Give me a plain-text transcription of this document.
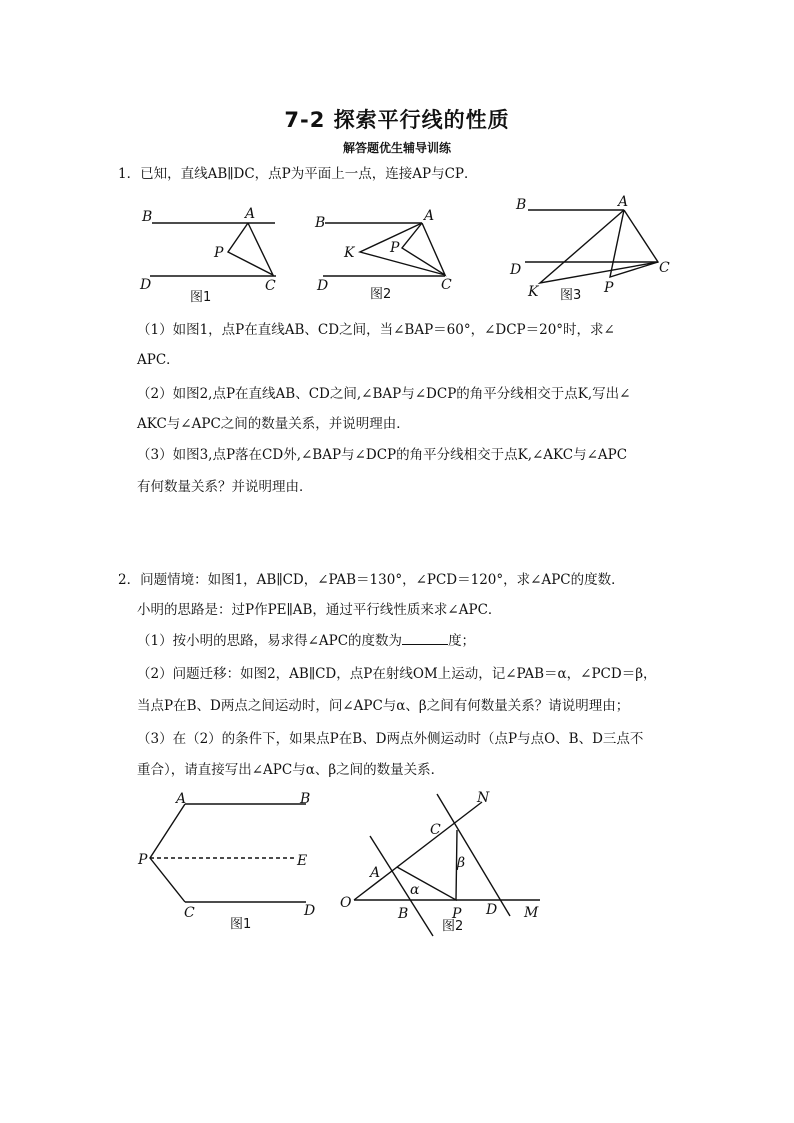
7-2 探索平行线的性质
解答题优生辅导训练
1．已知，直线AB∥DC，点P为平面上一点，连接AP与CP．
B	A
P
D	C
图1
B	A
K	P
D	C
图2
B	A
D	C
K	P
图3
（1）如图1，点P在直线AB、CD之间，当∠BAP＝60°，∠DCP＝20°时，求∠
APC．
（2）如图2,点P在直线AB、CD之间,∠BAP与∠DCP的角平分线相交于点K,写出∠
AKC与∠APC之间的数量关系，并说明理由．
（3）如图3,点P落在CD外,∠BAP与∠DCP的角平分线相交于点K,∠AKC与∠APC
有何数量关系？并说明理由．
2．问题情境：如图1，AB∥CD，∠PAB＝130°，∠PCD＝120°，求∠APC的度数．
小明的思路是：过P作PE∥AB，通过平行线性质来求∠APC．
（1）按小明的思路，易求得∠APC的度数为	度；
（2）问题迁移：如图2，AB∥CD，点P在射线OM上运动，记∠PAB＝α，∠PCD＝β，
当点P在B、D两点之间运动时，问∠APC与α、β之间有何数量关系？请说明理由；
（3）在（2）的条件下，如果点P在B、D两点外侧运动时（点P与点O、B、D三点不
重合），请直接写出∠APC与α、β之间的数量关系．
A	B
P	E
C	D
图1
N
C
β
A
α
O
B	P D M
图2
